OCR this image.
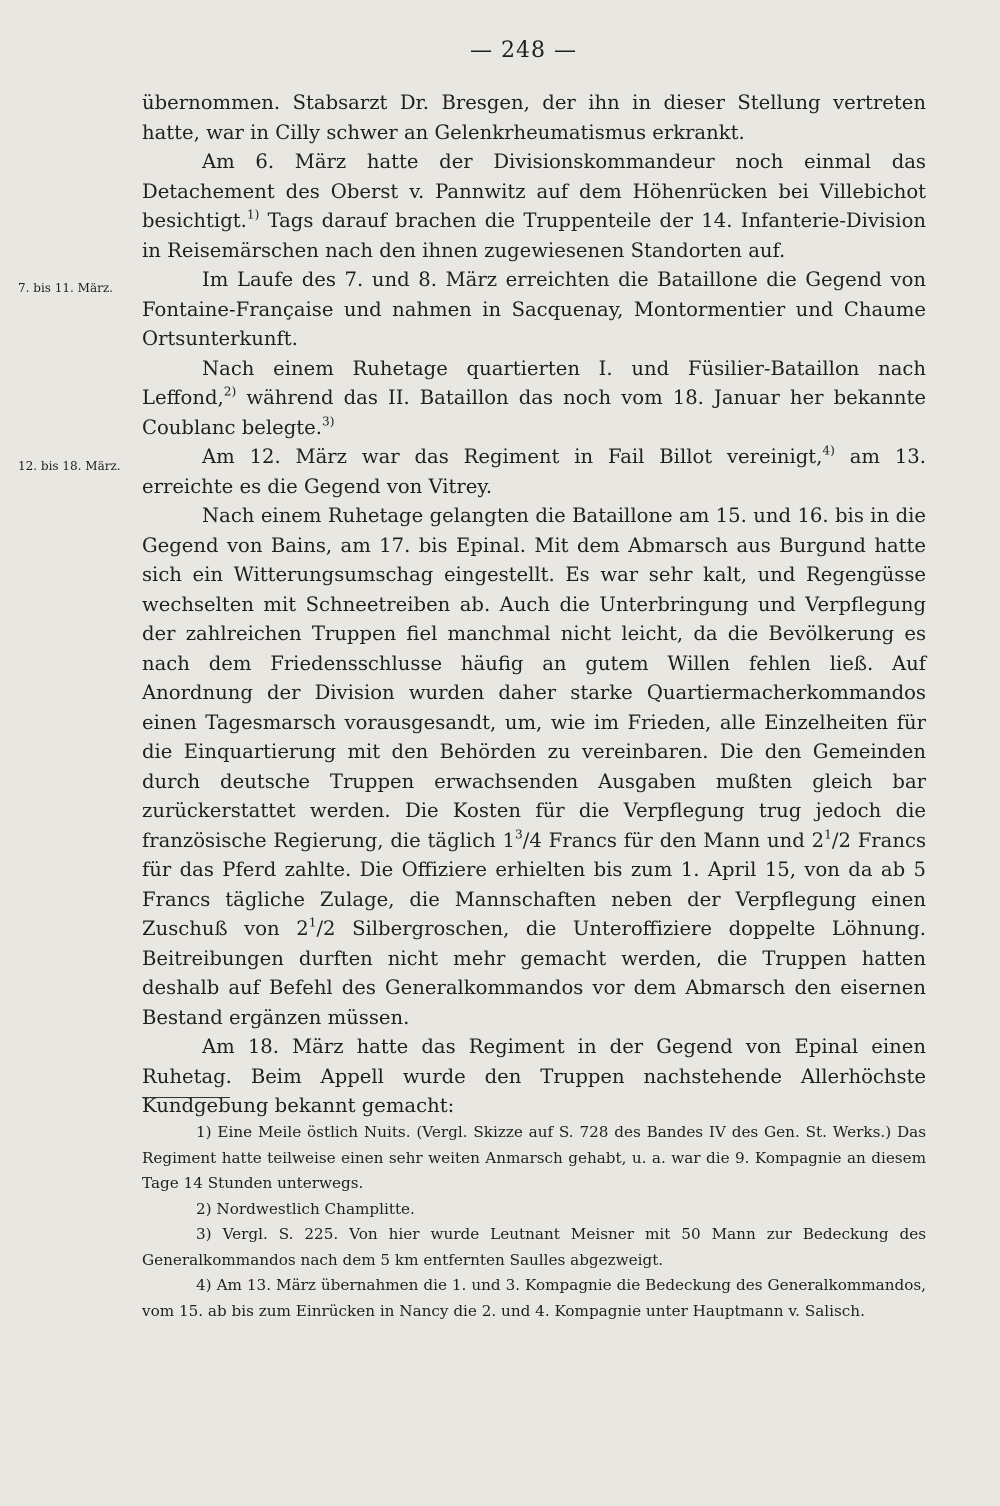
— 248 —
7. bis 11. März.
12. bis 18. März.

übernommen. Stabsarzt Dr. Bresgen, der ihn in dieser Stellung vertreten hatte, war in Cilly schwer an Gelenkrheumatismus erkrankt.

Am 6. März hatte der Divisionskommandeur noch einmal das Detachement des Oberst v. Pannwitz auf dem Höhenrücken bei Villebichot besichtigt.$^{1)}$ Tags darauf brachen die Truppenteile der 14. Infanterie-Division in Reisemärschen nach den ihnen zugewiesenen Standorten auf.

Im Laufe des 7. und 8. März erreichten die Bataillone die Gegend von Fontaine-Française und nahmen in Sacquenay, Montormentier und Chaume Ortsunterkunft.

Nach einem Ruhetage quartierten I. und Füsilier-Bataillon nach Leffond,$^{2)}$ während das II. Bataillon das noch vom 18. Januar her bekannte Coublanc belegte.$^{3)}$

Am 12. März war das Regiment in Fail Billot vereinigt,$^{4)}$ am 13. erreichte es die Gegend von Vitrey.

Nach einem Ruhetage gelangten die Bataillone am 15. und 16. bis in die Gegend von Bains, am 17. bis Epinal. Mit dem Abmarsch aus Burgund hatte sich ein Witterungsumschag eingestellt. Es war sehr kalt, und Regengüsse wechselten mit Schneetreiben ab. Auch die Unterbringung und Verpflegung der zahlreichen Truppen fiel manchmal nicht leicht, da die Bevölkerung es nach dem Friedensschlusse häufig an gutem Willen fehlen ließ. Auf Anordnung der Division wurden daher starke Quartiermacherkommandos einen Tagesmarsch vorausgesandt, um, wie im Frieden, alle Einzelheiten für die Einquartierung mit den Behörden zu vereinbaren. Die den Gemeinden durch deutsche Truppen erwachsenden Ausgaben mußten gleich bar zurückerstattet werden. Die Kosten für die Verpflegung trug jedoch die französische Regierung, die täglich $1^3/4$ Francs für den Mann und $2^1/2$ Francs für das Pferd zahlte. Die Offiziere erhielten bis zum 1. April 15, von da ab 5 Francs tägliche Zulage, die Mannschaften neben der Verpflegung einen Zuschuß von $2^1/2$ Silbergroschen, die Unteroffiziere doppelte Löhnung. Beitreibungen durften nicht mehr gemacht werden, die Truppen hatten deshalb auf Befehl des Generalkommandos vor dem Abmarsch den eisernen Bestand ergänzen müssen.

Am 18. März hatte das Regiment in der Gegend von Epinal einen Ruhetag. Beim Appell wurde den Truppen nachstehende Allerhöchste Kundgebung bekannt gemacht:

1) Eine Meile östlich Nuits. (Vergl. Skizze auf S. 728 des Bandes IV des Gen. St. Werks.) Das Regiment hatte teilweise einen sehr weiten Anmarsch gehabt, u. a. war die 9. Kompagnie an diesem Tage 14 Stunden unterwegs.

2) Nordwestlich Champlitte.

3) Vergl. S. 225. Von hier wurde Leutnant Meisner mit 50 Mann zur Bedeckung des Generalkommandos nach dem 5 km entfernten Saulles abgezweigt.

4) Am 13. März übernahmen die 1. und 3. Kompagnie die Bedeckung des Generalkommandos, vom 15. ab bis zum Einrücken in Nancy die 2. und 4. Kompagnie unter Hauptmann v. Salisch.
